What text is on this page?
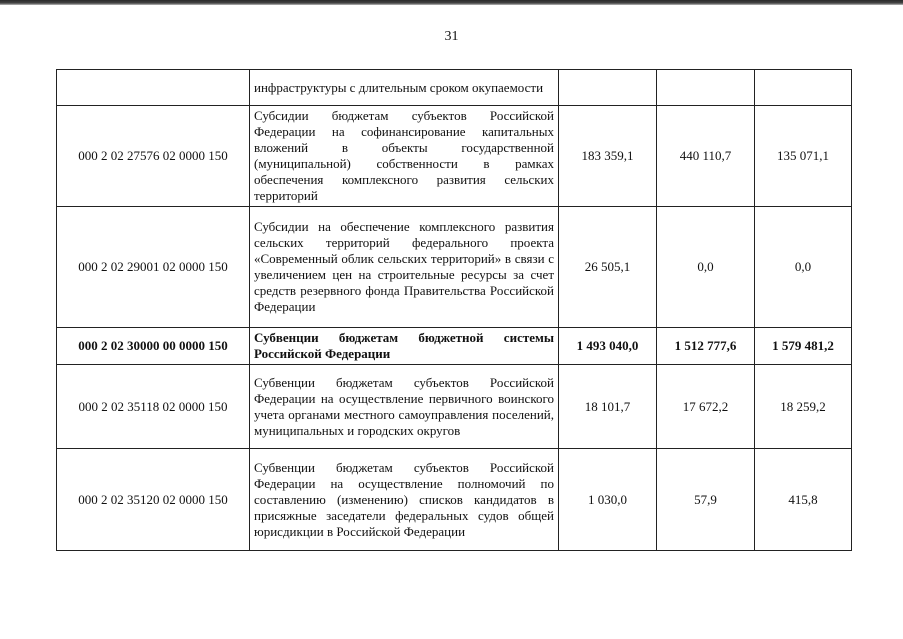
31
	инфраструктуры с длительным сроком окупаемости			
000 2 02 27576 02 0000 150	Субсидии бюджетам субъектов Российской Федерации на софинансирование капитальных вложений в объекты государственной (муниципальной) собственности в рамках обеспечения комплексного развития сельских территорий	183 359,1	440 110,7	135 071,1
000 2 02 29001 02 0000 150	Субсидии на обеспечение комплексного развития сельских территорий федерального проекта «Современный облик сельских территорий» в связи с увеличением цен на строительные ресурсы за счет средств резервного фонда Правительства Российской Федерации	26 505,1	0,0	0,0
000 2 02 30000 00 0000 150	Субвенции бюджетам бюджетной системы Российской Федерации	1 493 040,0	1 512 777,6	1 579 481,2
000 2 02 35118 02 0000 150	Субвенции бюджетам субъектов Российской Федерации на осуществление первичного воинского учета органами местного самоуправления поселений, муниципальных и городских округов	18 101,7	17 672,2	18 259,2
000 2 02 35120 02 0000 150	Субвенции бюджетам субъектов Российской Федерации на осуществление полномочий по составлению (изменению) списков кандидатов в присяжные заседатели федеральных судов общей юрисдикции в Российской Федерации	1 030,0	57,9	415,8
